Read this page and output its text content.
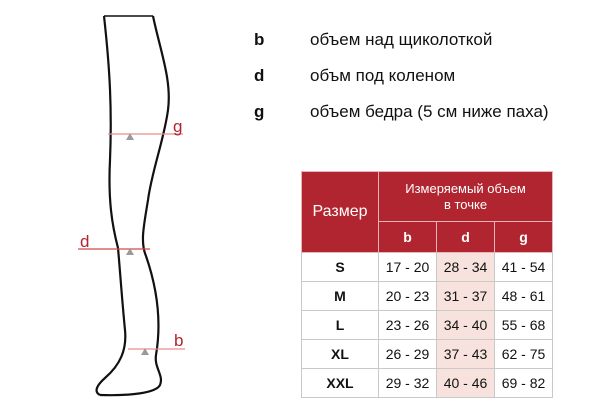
g
d
b
b	объем над щиколоткой
d	объм под коленом
g	объем бедра (5 см ниже паха)
Размер	Измеряемый объем
в точке		

	b	d	g
S	17 - 20	28 - 34	41 - 54
M	20 - 23	31 - 37	48 - 61
L	23 - 26	34 - 40	55 - 68
XL	26 - 29	37 - 43	62 - 75
XXL	29 - 32	40 - 46	69 - 82
